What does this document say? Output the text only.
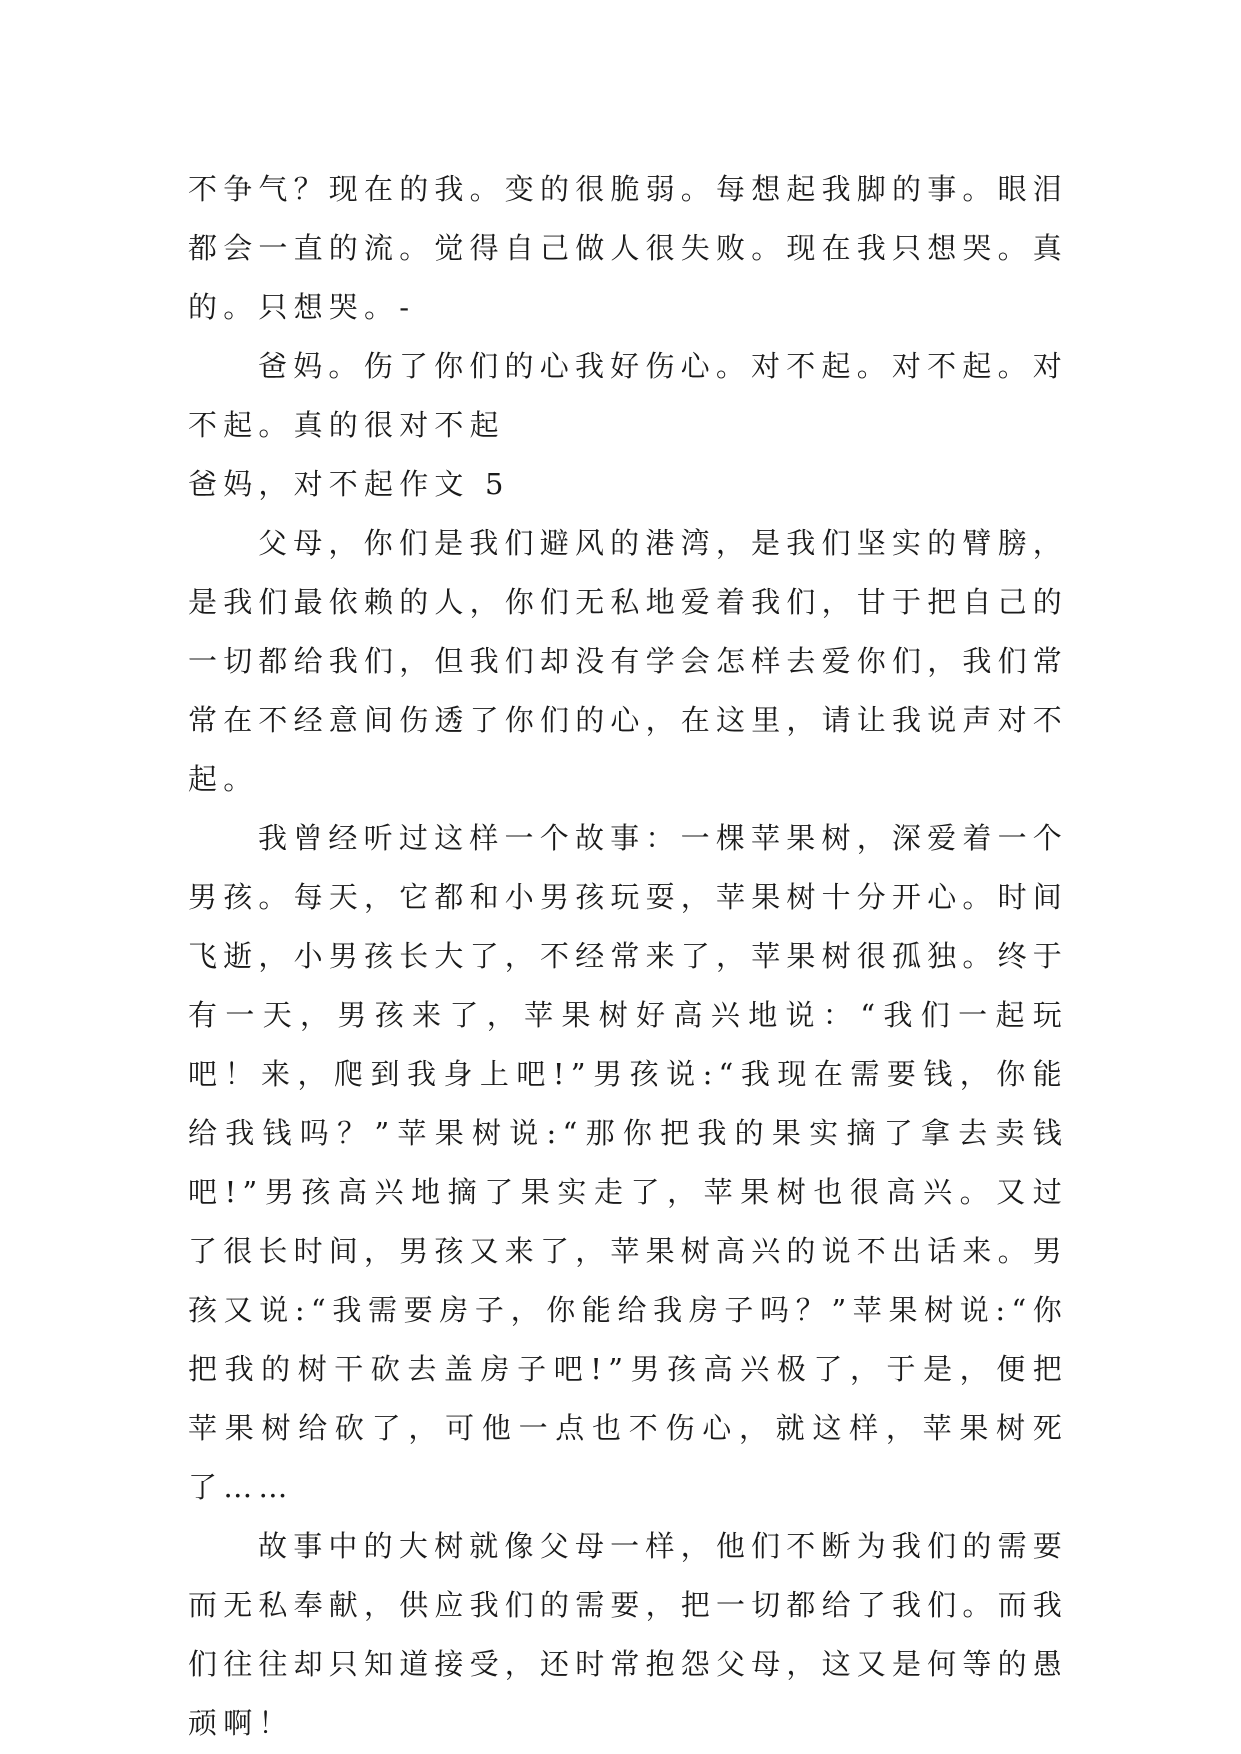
不争气？现在的我。变的很脆弱。每想起我脚的事。眼泪都会一直的流。觉得自己做人很失败。现在我只想哭。真的。只想哭。-

爸妈。伤了你们的心我好伤心。对不起。对不起。对不起。真的很对不起

爸妈，对不起作文 5

父母，你们是我们避风的港湾，是我们坚实的臂膀，是我们最依赖的人，你们无私地爱着我们，甘于把自己的一切都给我们，但我们却没有学会怎样去爱你们，我们常常在不经意间伤透了你们的心，在这里，请让我说声对不起。

我曾经听过这样一个故事：一棵苹果树，深爱着一个男孩。每天，它都和小男孩玩耍，苹果树十分开心。时间飞逝，小男孩长大了，不经常来了，苹果树很孤独。终于有一天，男孩来了，苹果树好高兴地说：“我们一起玩吧！来，爬到我身上吧!”男孩说:“我现在需要钱，你能给我钱吗？”苹果树说:“那你把我的果实摘了拿去卖钱吧!”男孩高兴地摘了果实走了，苹果树也很高兴。又过了很长时间，男孩又来了，苹果树高兴的说不出话来。男孩又说:“我需要房子，你能给我房子吗？”苹果树说:“你把我的树干砍去盖房子吧!”男孩高兴极了，于是，便把苹果树给砍了，可他一点也不伤心，就这样，苹果树死了……

故事中的大树就像父母一样，他们不断为我们的需要而无私奉献，供应我们的需要，把一切都给了我们。而我们往往却只知道接受，还时常抱怨父母，这又是何等的愚顽啊！
